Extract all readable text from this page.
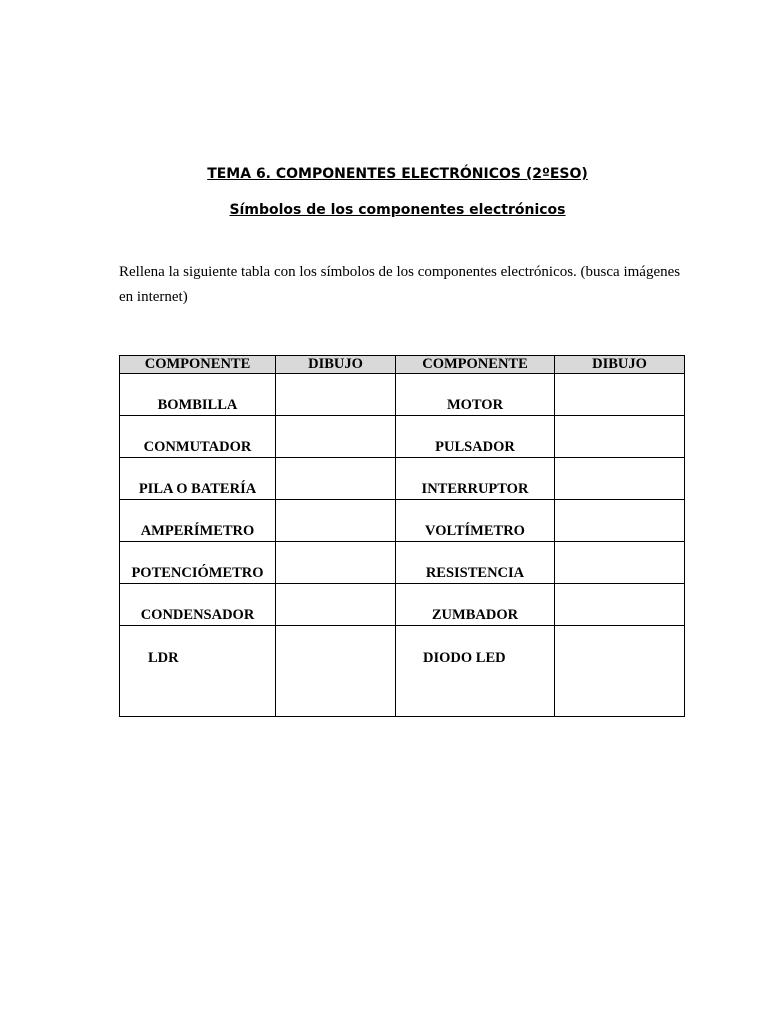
TEMA 6. COMPONENTES ELECTRÓNICOS (2ºESO)
Símbolos de los componentes electrónicos
Rellena la siguiente tabla con los símbolos de los componentes electrónicos. (busca imágenes en internet)
COMPONENTE	DIBUJO	COMPONENTE	DIBUJO

BOMBILLA		MOTOR	

CONMUTADOR		PULSADOR	

PILA O BATERÍA		INTERRUPTOR	

AMPERÍMETRO		VOLTÍMETRO	

POTENCIÓMETRO		RESISTENCIA	

CONDENSADOR		ZUMBADOR	

LDR		DIODO LED	
